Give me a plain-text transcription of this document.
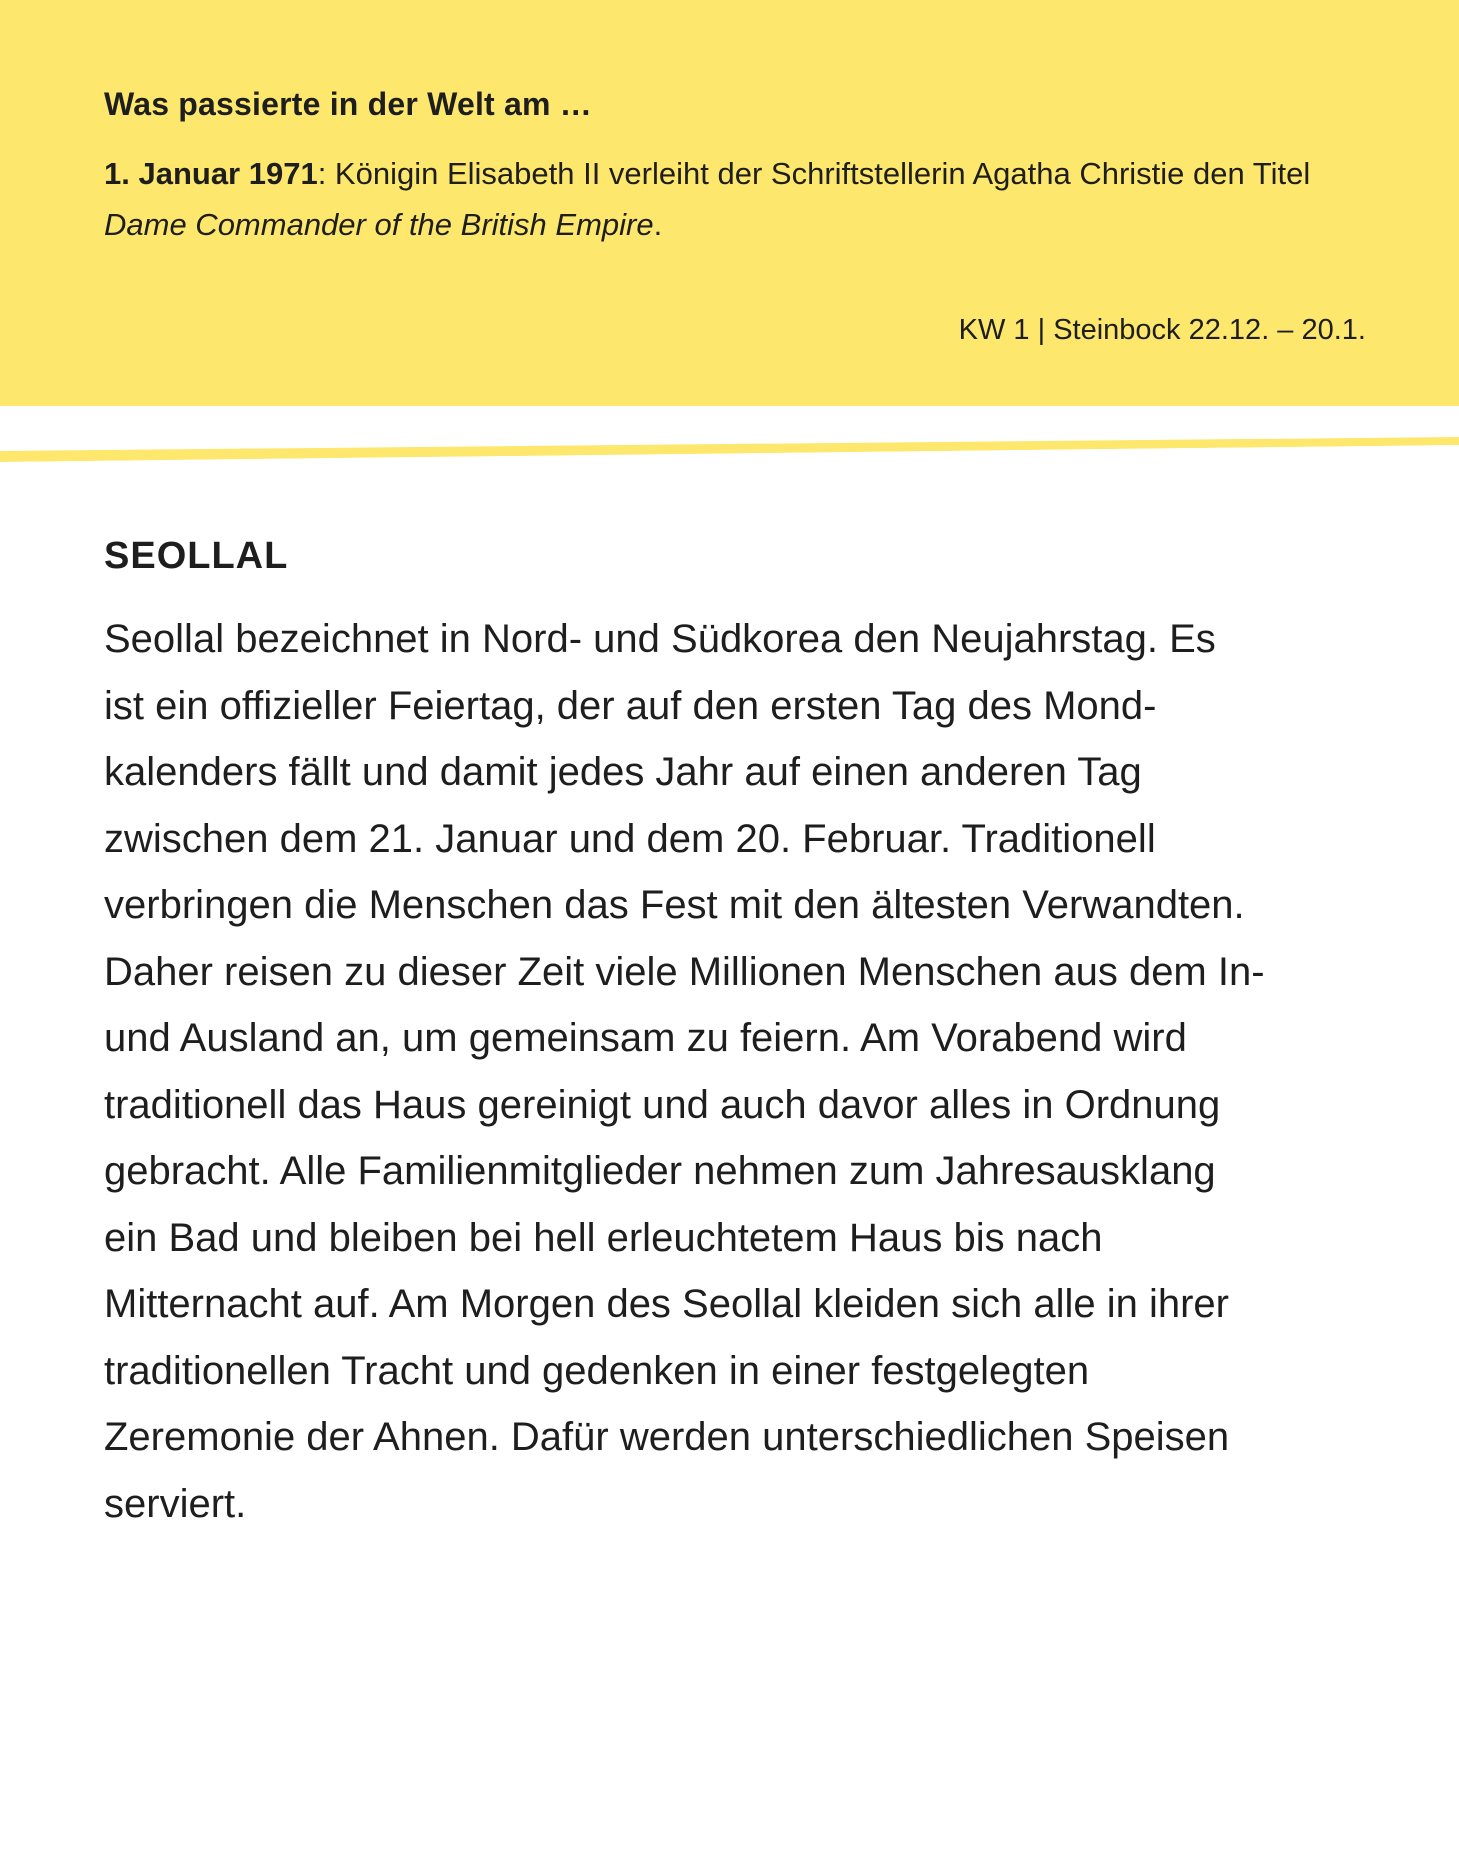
Was passierte in der Welt am …
1. Januar 1971: Königin Elisabeth II verleiht der Schriftstellerin Agatha Christie den Titel Dame Commander of the British Empire.
KW 1 | Steinbock 22.12. – 20.1.
SEOLLAL
Seollal bezeichnet in Nord- und Südkorea den Neujahrstag. Es
ist ein offizieller Feiertag, der auf den ersten Tag des Mond-
kalenders fällt und damit jedes Jahr auf einen anderen Tag
zwischen dem 21. Januar und dem 20. Februar. Traditionell
verbringen die Menschen das Fest mit den ältesten Verwandten.
Daher reisen zu dieser Zeit viele Millionen Menschen aus dem In-
und Ausland an, um gemeinsam zu feiern. Am Vorabend wird
traditionell das Haus gereinigt und auch davor alles in Ordnung
gebracht. Alle Familienmitglieder nehmen zum Jahresausklang
ein Bad und bleiben bei hell erleuchtetem Haus bis nach
Mitternacht auf. Am Morgen des Seollal kleiden sich alle in ihrer
traditionellen Tracht und gedenken in einer festgelegten
Zeremonie der Ahnen. Dafür werden unterschiedlichen Speisen
serviert.
